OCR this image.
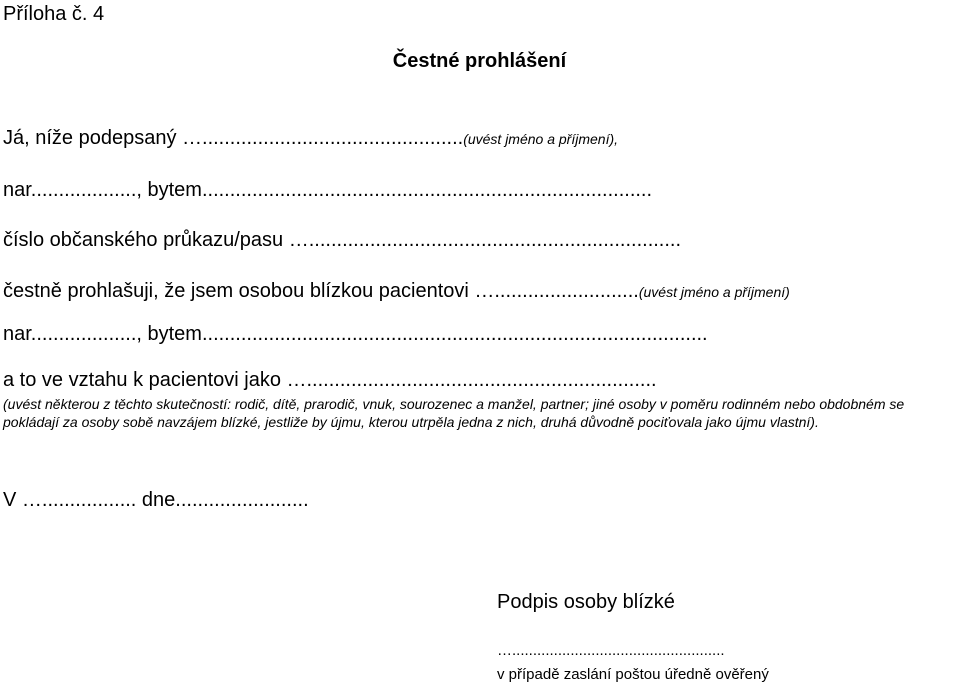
Příloha č. 4
Čestné prohlášení
Já, níže podepsaný …...............................................(uvést jméno a příjmení),
nar..................., bytem.................................................................................
číslo občanského průkazu/pasu …...................................................................
čestně prohlašuji, že jsem osobou blízkou pacientovi …..........................(uvést jméno a příjmení)
nar..................., bytem...........................................................................................
a to ve vztahu k pacientovi jako …...............................................................
(uvést některou z těchto skutečností: rodič, dítě, prarodič, vnuk, sourozenec a manžel, partner; jiné osoby v poměru rodinném nebo obdobném se pokládají za osoby sobě navzájem blízké, jestliže by újmu, kterou utrpěla jedna z nich, druhá důvodně pociťovala jako újmu vlastní).
V …................. dne........................
Podpis osoby blízké
…...................................................
v případě zaslání poštou úředně ověřený
